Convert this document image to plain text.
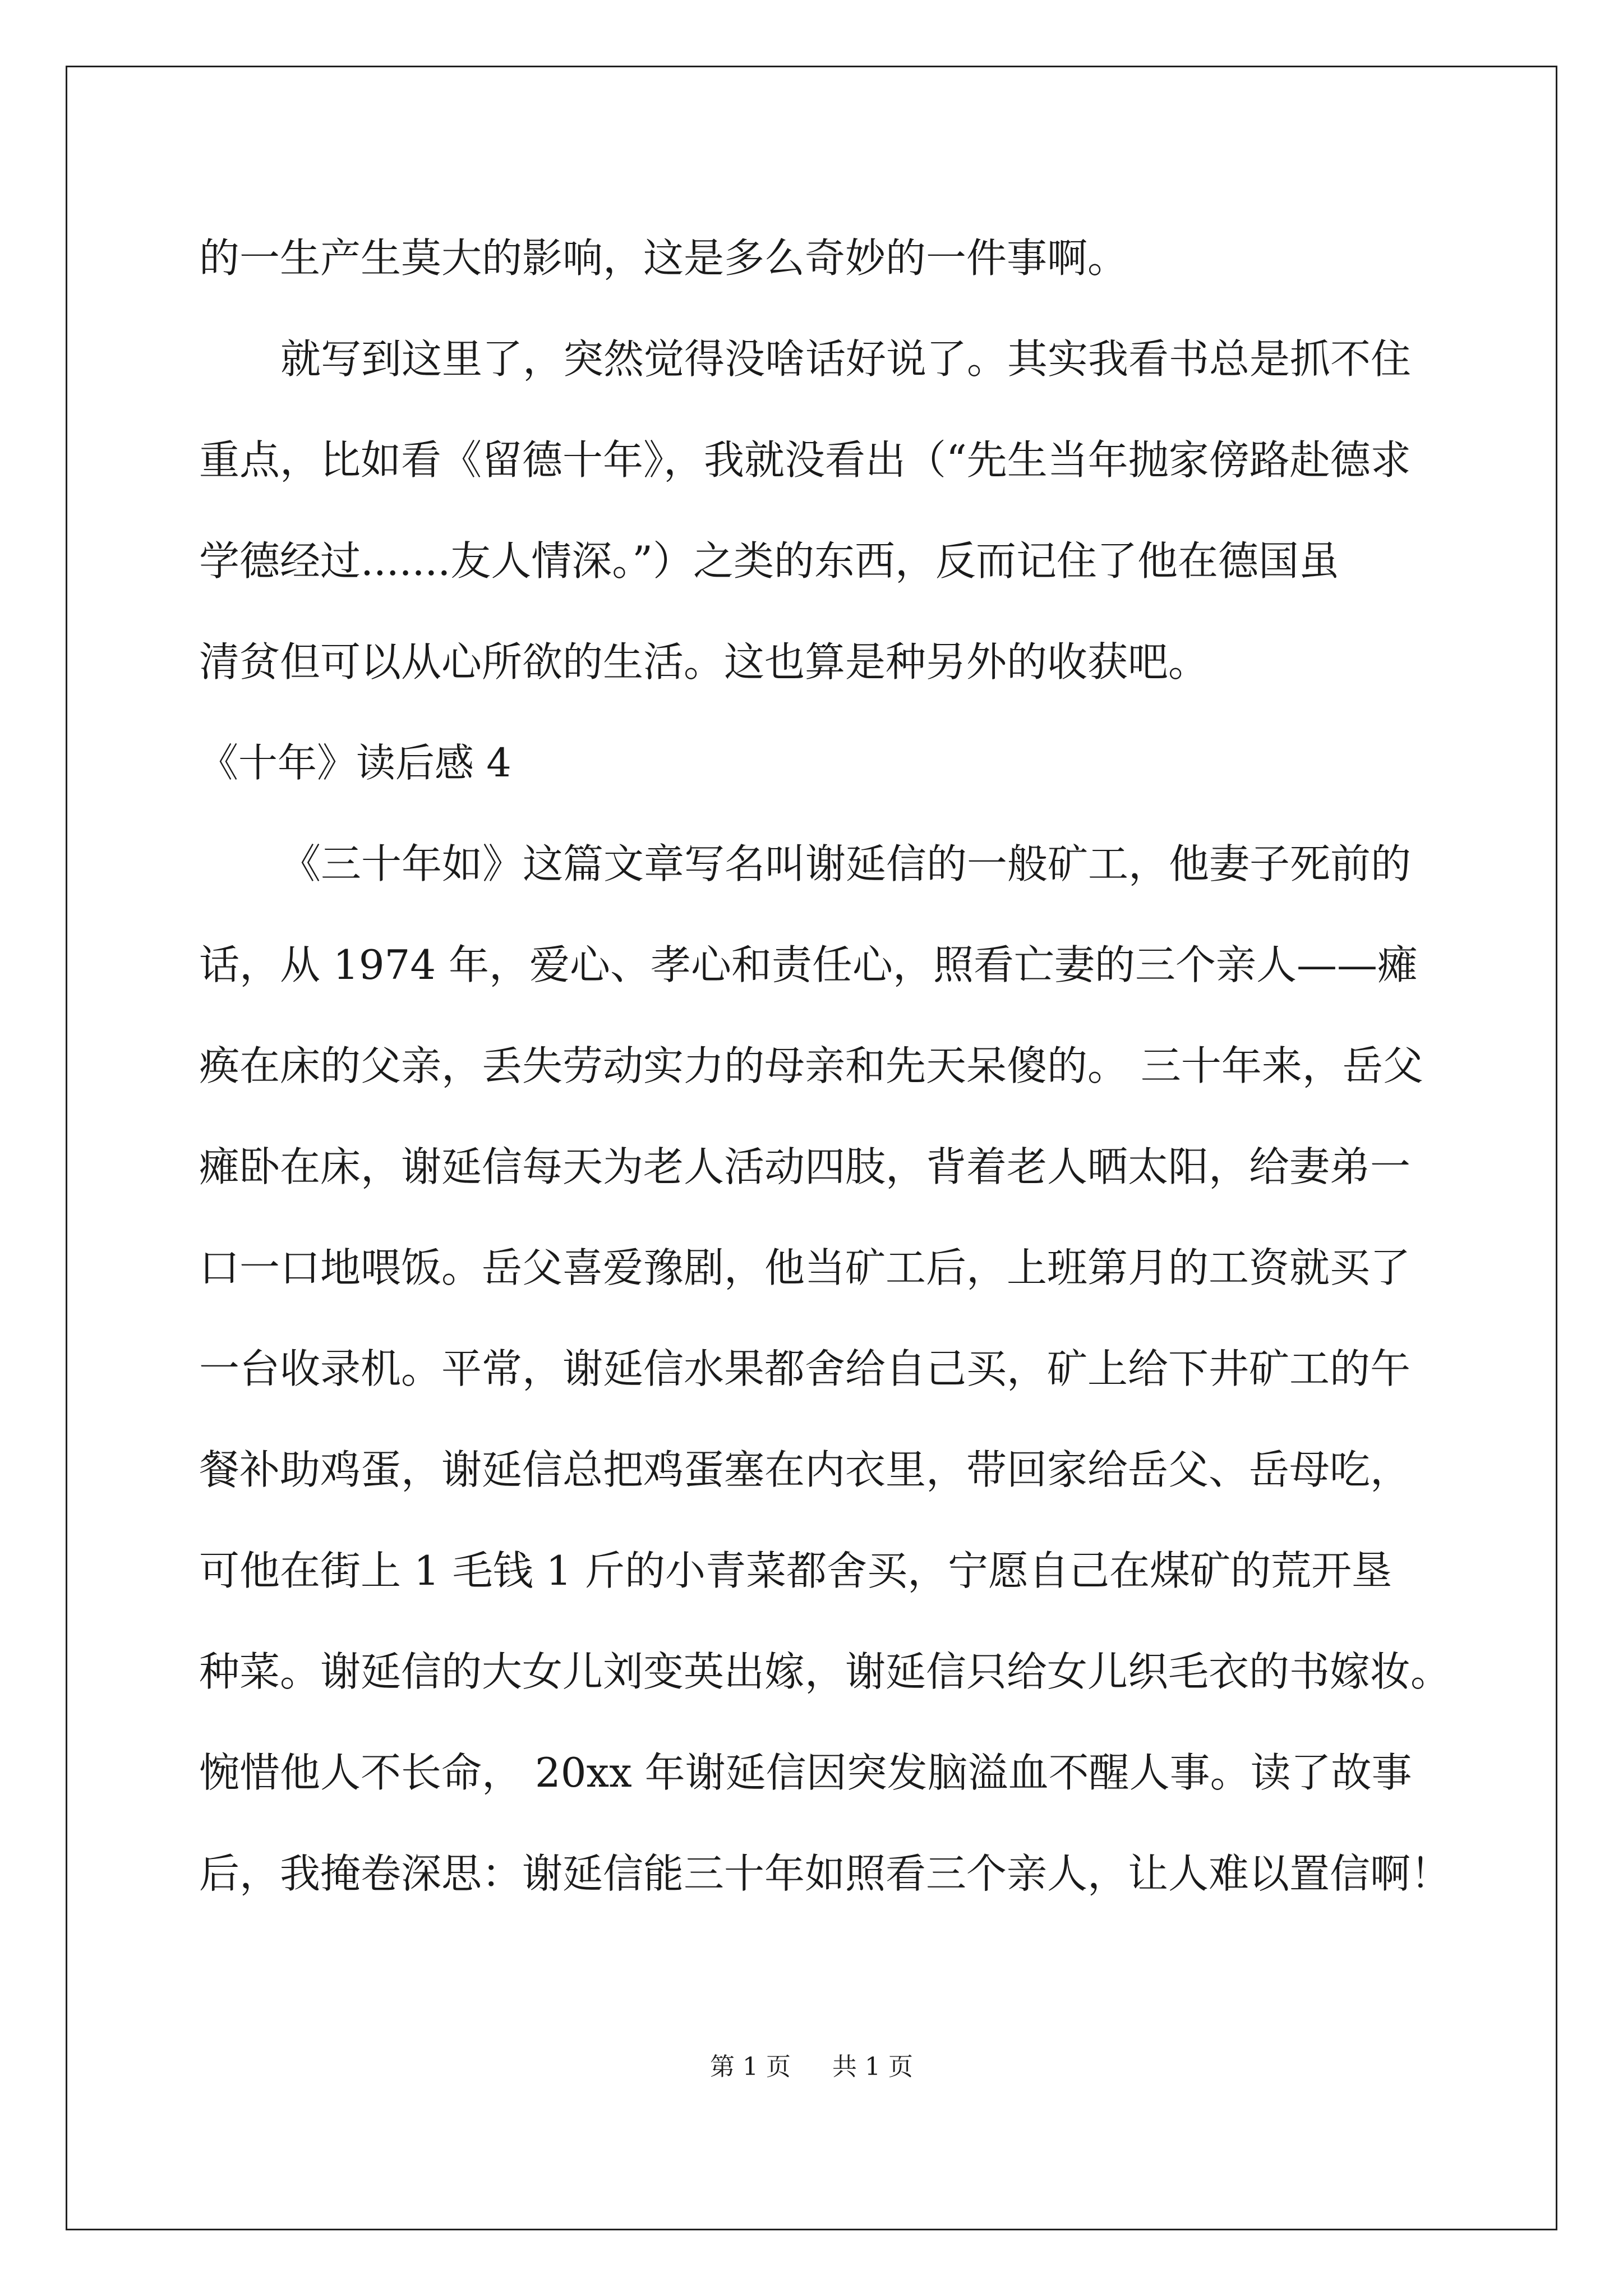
的一生产生莫大的影响，这是多么奇妙的一件事啊。

就写到这里了，突然觉得没啥话好说了。其实我看书总是抓不住

重点，比如看《留德十年》，我就没看出（“先生当年抛家傍路赴德求

学德经过.......友人情深。”）之类的东西，反而记住了他在德国虽

清贫但可以从心所欲的生活。这也算是种另外的收获吧。

《十年》读后感 4

《三十年如》这篇文章写名叫谢延信的一般矿工，他妻子死前的

话，从 1974 年，爱心、孝心和责任心，照看亡妻的三个亲人——瘫

痪在床的父亲，丢失劳动实力的母亲和先天呆傻的。 三十年来，岳父

瘫卧在床，谢延信每天为老人活动四肢，背着老人晒太阳，给妻弟一

口一口地喂饭。岳父喜爱豫剧，他当矿工后，上班第月的工资就买了

一台收录机。平常，谢延信水果都舍给自己买，矿上给下井矿工的午

餐补助鸡蛋，谢延信总把鸡蛋塞在内衣里，带回家给岳父、岳母吃，

可他在街上 1 毛钱 1 斤的小青菜都舍买，宁愿自己在煤矿的荒开垦

种菜。谢延信的大女儿刘变英出嫁，谢延信只给女儿织毛衣的书嫁妆。

惋惜他人不长命， 20xx 年谢延信因突发脑溢血不醒人事。读了故事

后，我掩卷深思：谢延信能三十年如照看三个亲人，让人难以置信啊！

第 1 页 共 1 页
